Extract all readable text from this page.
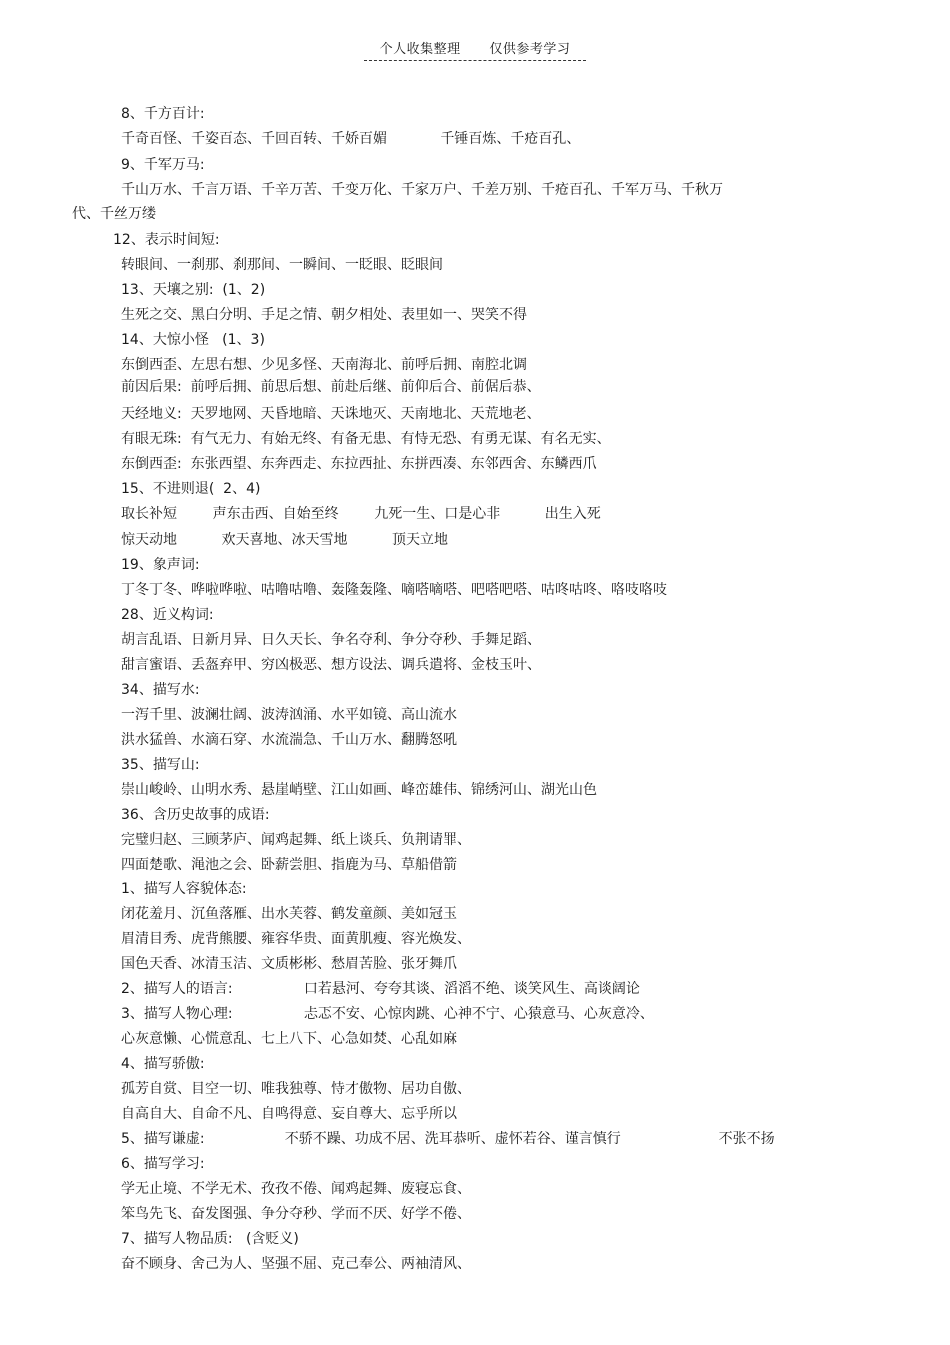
个人收集整理 仅供参考学习
8、千方百计:
千奇百怪、千姿百态、千回百转、千娇百媚            千锤百炼、千疮百孔、
9、千军万马:
千山万水、千言万语、千辛万苦、千变万化、千家万户、千差万别、千疮百孔、千军万马、千秋万
代、千丝万缕
12、表示时间短:
转眼间、一刹那、刹那间、一瞬间、一眨眼、眨眼间
13、天壤之别:  (1、2)
生死之交、黑白分明、手足之情、朝夕相处、表里如一、哭笑不得
14、大惊小怪   (1、3)
东倒西歪、左思右想、少见多怪、天南海北、前呼后拥、南腔北调
前因后果:  前呼后拥、前思后想、前赴后继、前仰后合、前倨后恭、
天经地义:  天罗地网、天昏地暗、天诛地灭、天南地北、天荒地老、
有眼无珠:  有气无力、有始无终、有备无患、有恃无恐、有勇无谋、有名无实、
东倒西歪:  东张西望、东奔西走、东拉西扯、东拼西凑、东邻西舍、东鳞西爪
15、不进则退(  2、4)
取长补短        声东击西、自始至终        九死一生、口是心非          出生入死
惊天动地          欢天喜地、冰天雪地          顶天立地
19、象声词:
丁冬丁冬、哗啦哗啦、咕噜咕噜、轰隆轰隆、嘀嗒嘀嗒、吧嗒吧嗒、咕咚咕咚、咯吱咯吱
28、近义构词:
胡言乱语、日新月异、日久天长、争名夺利、争分夺秒、手舞足蹈、
甜言蜜语、丢盔弃甲、穷凶极恶、想方设法、调兵遣将、金枝玉叶、
34、描写水:
一泻千里、波澜壮阔、波涛汹涌、水平如镜、高山流水
洪水猛兽、水滴石穿、水流湍急、千山万水、翻腾怒吼
35、描写山:
崇山峻岭、山明水秀、悬崖峭壁、江山如画、峰峦雄伟、锦绣河山、湖光山色
36、含历史故事的成语:
完璧归赵、三顾茅庐、闻鸡起舞、纸上谈兵、负荆请罪、
四面楚歌、渑池之会、卧薪尝胆、指鹿为马、草船借箭
1、描写人容貌体态:
闭花羞月、沉鱼落雁、出水芙蓉、鹤发童颜、美如冠玉
眉清目秀、虎背熊腰、雍容华贵、面黄肌瘦、容光焕发、
国色天香、冰清玉洁、文质彬彬、愁眉苦脸、张牙舞爪
2、描写人的语言:                口若悬河、夸夸其谈、滔滔不绝、谈笑风生、高谈阔论
3、描写人物心理:                忐忑不安、心惊肉跳、心神不宁、心猿意马、心灰意冷、
心灰意懒、心慌意乱、七上八下、心急如焚、心乱如麻
4、描写骄傲:
孤芳自赏、目空一切、唯我独尊、恃才傲物、居功自傲、
自高自大、自命不凡、自鸣得意、妄自尊大、忘乎所以
5、描写谦虚:                  不骄不躁、功成不居、洗耳恭听、虚怀若谷、谨言慎行                      不张不扬
6、描写学习:
学无止境、不学无术、孜孜不倦、闻鸡起舞、废寝忘食、
笨鸟先飞、奋发图强、争分夺秒、学而不厌、好学不倦、
7、描写人物品质:   (含贬义)
奋不顾身、舍己为人、坚强不屈、克己奉公、两袖清风、
